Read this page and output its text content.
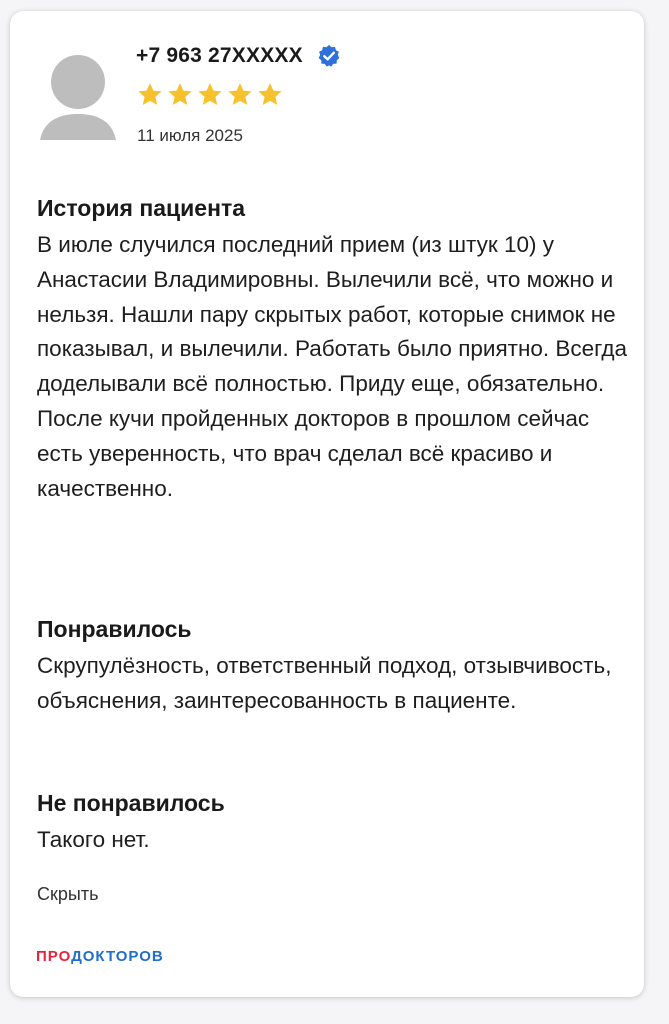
+7 963 27XXXXX
11 июля 2025
История пациента
В июле случился последний прием (из штук 10) у Анастасии Владимировны. Вылечили всё, что можно и нельзя. Нашли пару скрытых работ, которые снимок не показывал, и вылечили. Работать было приятно. Всегда доделывали всё полностью. Приду еще, обязательно. После кучи пройденных докторов в прошлом сейчас есть уверенность, что врач сделал всё красиво и качественно.
Понравилось
Скрупулёзность, ответственный подход, отзывчивость, объяснения, заинтересованность в пациенте.
Не понравилось
Такого нет.
Скрыть
ПРОДОКТОРОВ
